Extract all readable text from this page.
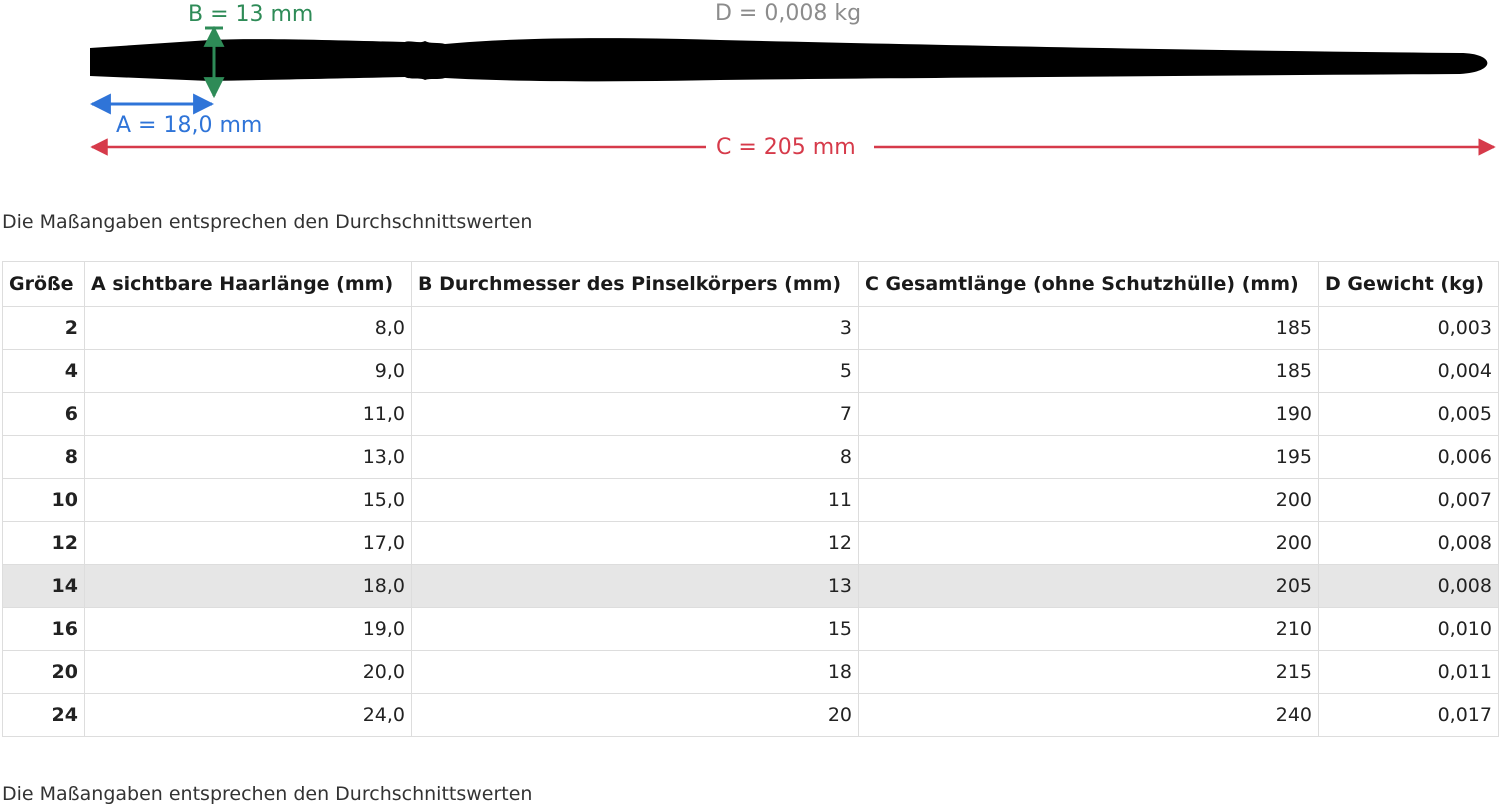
B = 13 mm	D = 0,008 kg
A = 18,0 mm
C = 205 mm
Die Maßangaben entsprechen den Durchschnittswerten
Größe	A sichtbare Haarlänge (mm)	B Durchmesser des Pinselkörpers (mm)	C Gesamtlänge (ohne Schutzhülle) (mm)	D Gewicht (kg)
2	8,0	3	185	0,003
4	9,0	5	185	0,004
6	11,0	7	190	0,005
8	13,0	8	195	0,006
10	15,0	11	200	0,007
12	17,0	12	200	0,008
14	18,0	13	205	0,008
16	19,0	15	210	0,010
20	20,0	18	215	0,011
24	24,0	20	240	0,017
Die Maßangaben entsprechen den Durchschnittswerten
